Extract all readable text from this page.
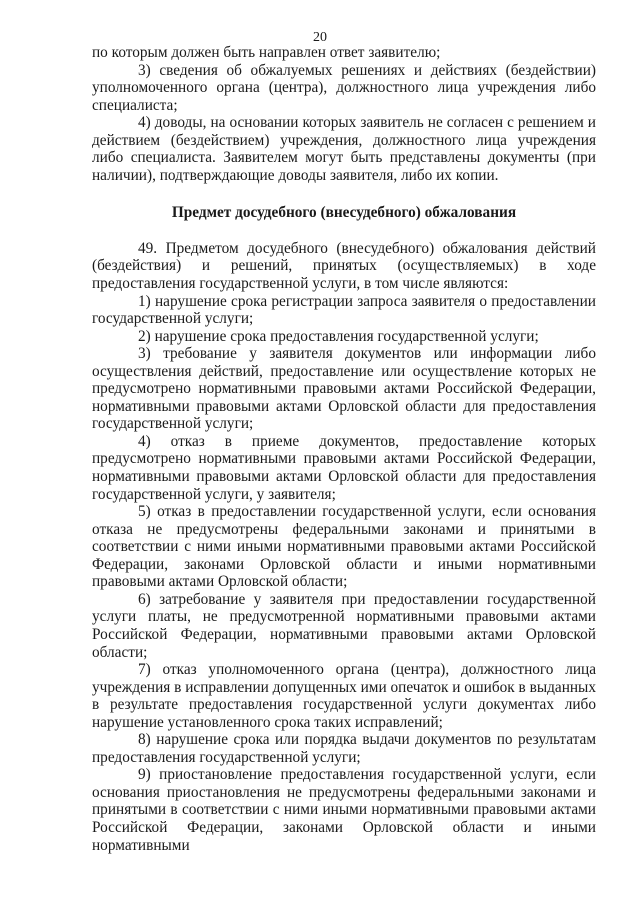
20

по которым должен быть направлен ответ заявителю;

3) сведения об обжалуемых решениях и действиях (бездействии) уполномоченного органа (центра), должностного лица учреждения либо специалиста;

4) доводы, на основании которых заявитель не согласен с решением и действием (бездействием) учреждения, должностного лица учреждения либо специалиста. Заявителем могут быть представлены документы (при наличии), подтверждающие доводы заявителя, либо их копии.

Предмет досудебного (внесудебного) обжалования

49. Предметом досудебного (внесудебного) обжалования действий (бездействия) и решений, принятых (осуществляемых) в ходе предоставления государственной услуги, в том числе являются:

1) нарушение срока регистрации запроса заявителя о предоставлении государственной услуги;

2) нарушение срока предоставления государственной услуги;

3) требование у заявителя документов или информации либо осуществления действий, предоставление или осуществление которых не предусмотрено нормативными правовыми актами Российской Федерации, нормативными правовыми актами Орловской области для предоставления государственной услуги;

4) отказ в приеме документов, предоставление которых предусмотрено нормативными правовыми актами Российской Федерации, нормативными правовыми актами Орловской области для предоставления государственной услуги, у заявителя;

5) отказ в предоставлении государственной услуги, если основания отказа не предусмотрены федеральными законами и принятыми в соответствии с ними иными нормативными правовыми актами Российской Федерации, законами Орловской области и иными нормативными правовыми актами Орловской области;

6) затребование у заявителя при предоставлении государственной услуги платы, не предусмотренной нормативными правовыми актами Российской Федерации, нормативными правовыми актами Орловской области;

7) отказ уполномоченного органа (центра), должностного лица учреждения в исправлении допущенных ими опечаток и ошибок в выданных в результате предоставления государственной услуги документах либо нарушение установленного срока таких исправлений;

8) нарушение срока или порядка выдачи документов по результатам предоставления государственной услуги;

9) приостановление предоставления государственной услуги, если основания приостановления не предусмотрены федеральными законами и принятыми в соответствии с ними иными нормативными правовыми актами Российской Федерации, законами Орловской области и иными нормативными
